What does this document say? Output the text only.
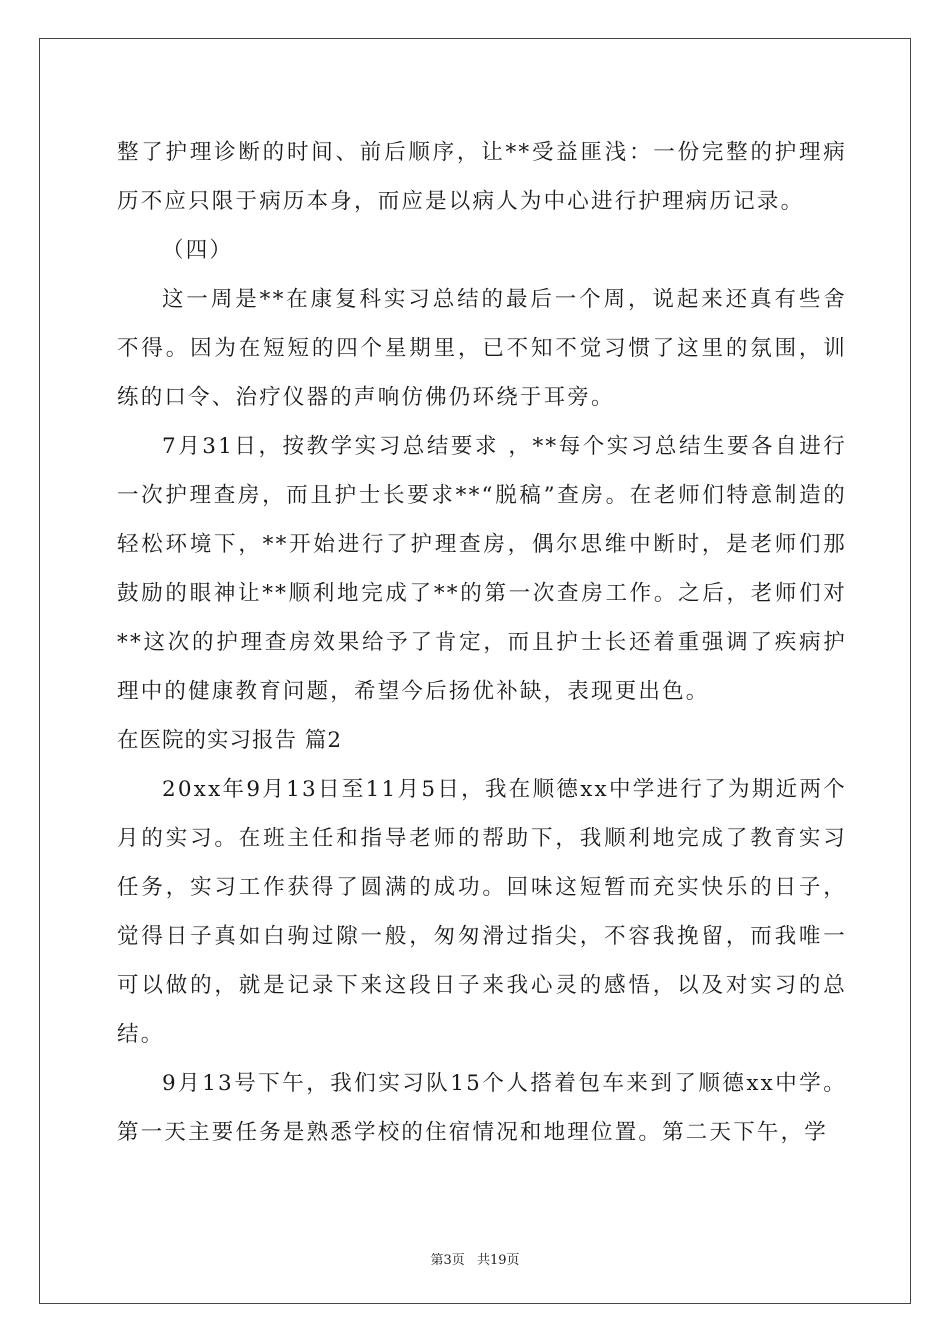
整了护理诊断的时间、前后顺序，让**受益匪浅：一份完整的护理病历不应只限于病历本身，而应是以病人为中心进行护理病历记录。

（四）

这一周是**在康复科实习总结的最后一个周，说起来还真有些舍不得。因为在短短的四个星期里，已不知不觉习惯了这里的氛围，训练的口令、治疗仪器的声响仿佛仍环绕于耳旁。

7月31日，按教学实习总结要求 ，**每个实习总结生要各自进行一次护理查房，而且护士长要求**“脱稿”查房。在老师们特意制造的轻松环境下，**开始进行了护理查房，偶尔思维中断时，是老师们那鼓励的眼神让**顺利地完成了**的第一次查房工作。之后，老师们对**这次的护理查房效果给予了肯定，而且护士长还着重强调了疾病护理中的健康教育问题，希望今后扬优补缺，表现更出色。

在医院的实习报告 篇2

20xx年9月13日至11月5日，我在顺德xx中学进行了为期近两个月的实习。在班主任和指导老师的帮助下，我顺利地完成了教育实习任务，实习工作获得了圆满的成功。回味这短暂而充实快乐的日子，觉得日子真如白驹过隙一般，匆匆滑过指尖，不容我挽留，而我唯一可以做的，就是记录下来这段日子来我心灵的感悟，以及对实习的总结。

9月13号下午，我们实习队15个人搭着包车来到了顺德xx中学。第一天主要任务是熟悉学校的住宿情况和地理位置。第二天下午，学

第3页 共19页
